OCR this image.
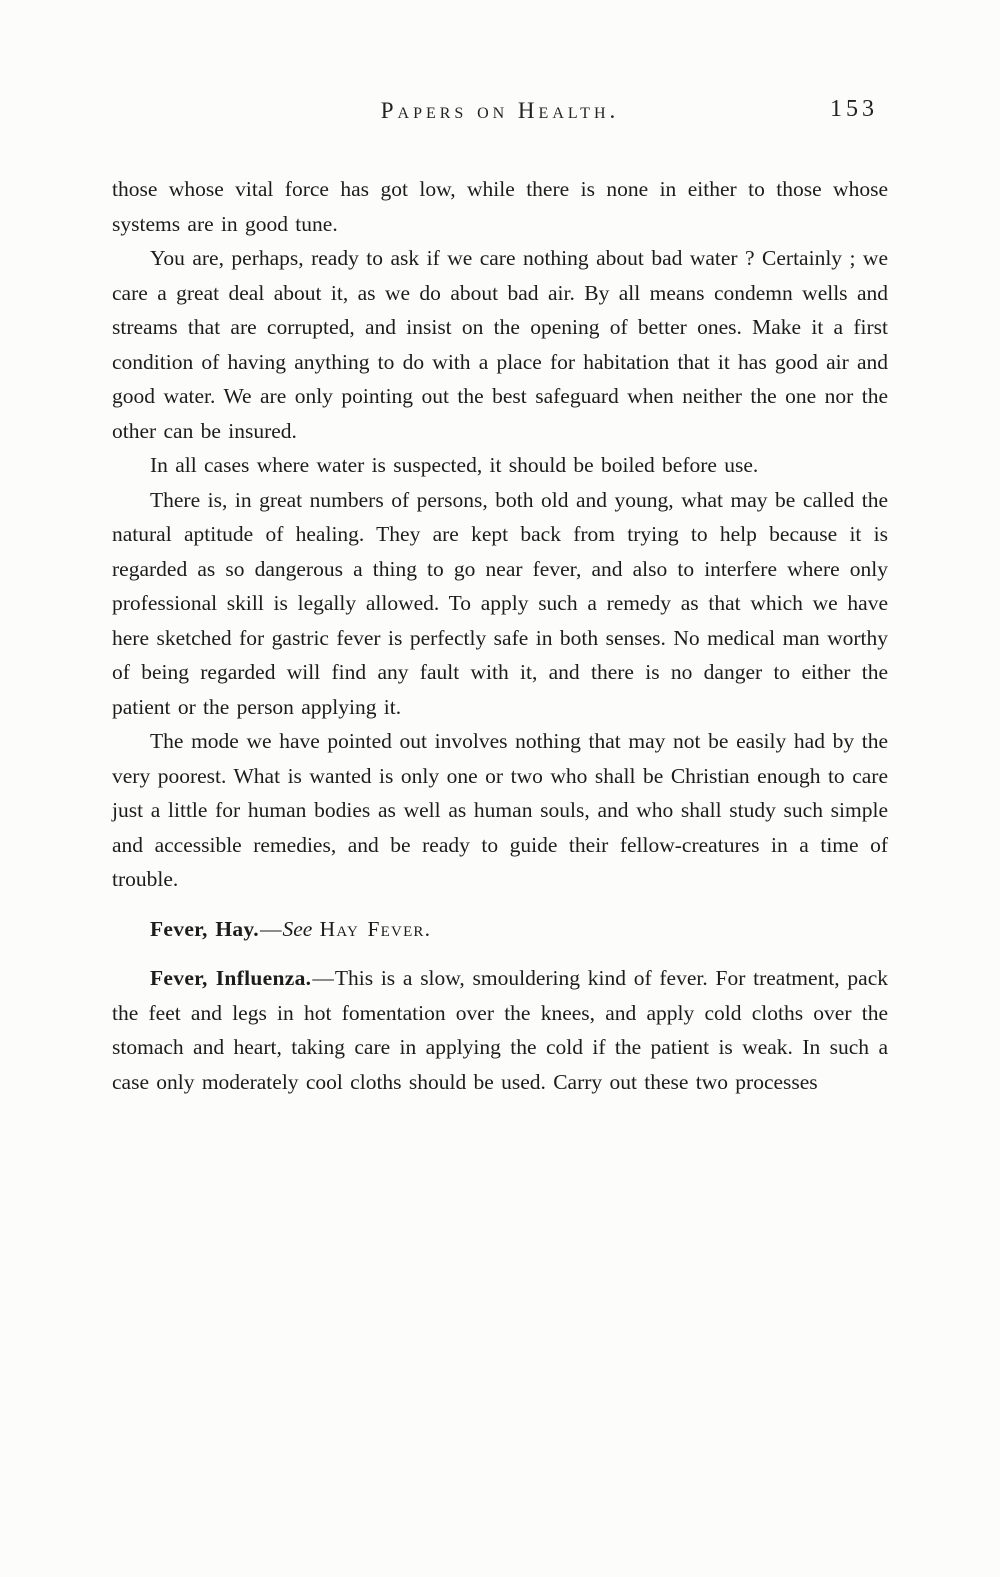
Papers on Health.	153

those whose vital force has got low, while there is none in either to those whose systems are in good tune.

You are, perhaps, ready to ask if we care nothing about bad water ? Certainly ; we care a great deal about it, as we do about bad air. By all means condemn wells and streams that are corrupted, and insist on the opening of better ones. Make it a first condition of having anything to do with a place for habitation that it has good air and good water. We are only pointing out the best safeguard when neither the one nor the other can be insured.

In all cases where water is suspected, it should be boiled before use.

There is, in great numbers of persons, both old and young, what may be called the natural aptitude of healing. They are kept back from trying to help because it is regarded as so dangerous a thing to go near fever, and also to interfere where only professional skill is legally allowed. To apply such a remedy as that which we have here sketched for gastric fever is perfectly safe in both senses. No medical man worthy of being regarded will find any fault with it, and there is no danger to either the patient or the person applying it.

The mode we have pointed out involves nothing that may not be easily had by the very poorest. What is wanted is only one or two who shall be Christian enough to care just a little for human bodies as well as human souls, and who shall study such simple and accessible remedies, and be ready to guide their fellow-creatures in a time of trouble.

Fever, Hay.—See Hay Fever.

Fever, Influenza.—This is a slow, smouldering kind of fever. For treatment, pack the feet and legs in hot fomentation over the knees, and apply cold cloths over the stomach and heart, taking care in applying the cold if the patient is weak. In such a case only moderately cool cloths should be used. Carry out these two processes
